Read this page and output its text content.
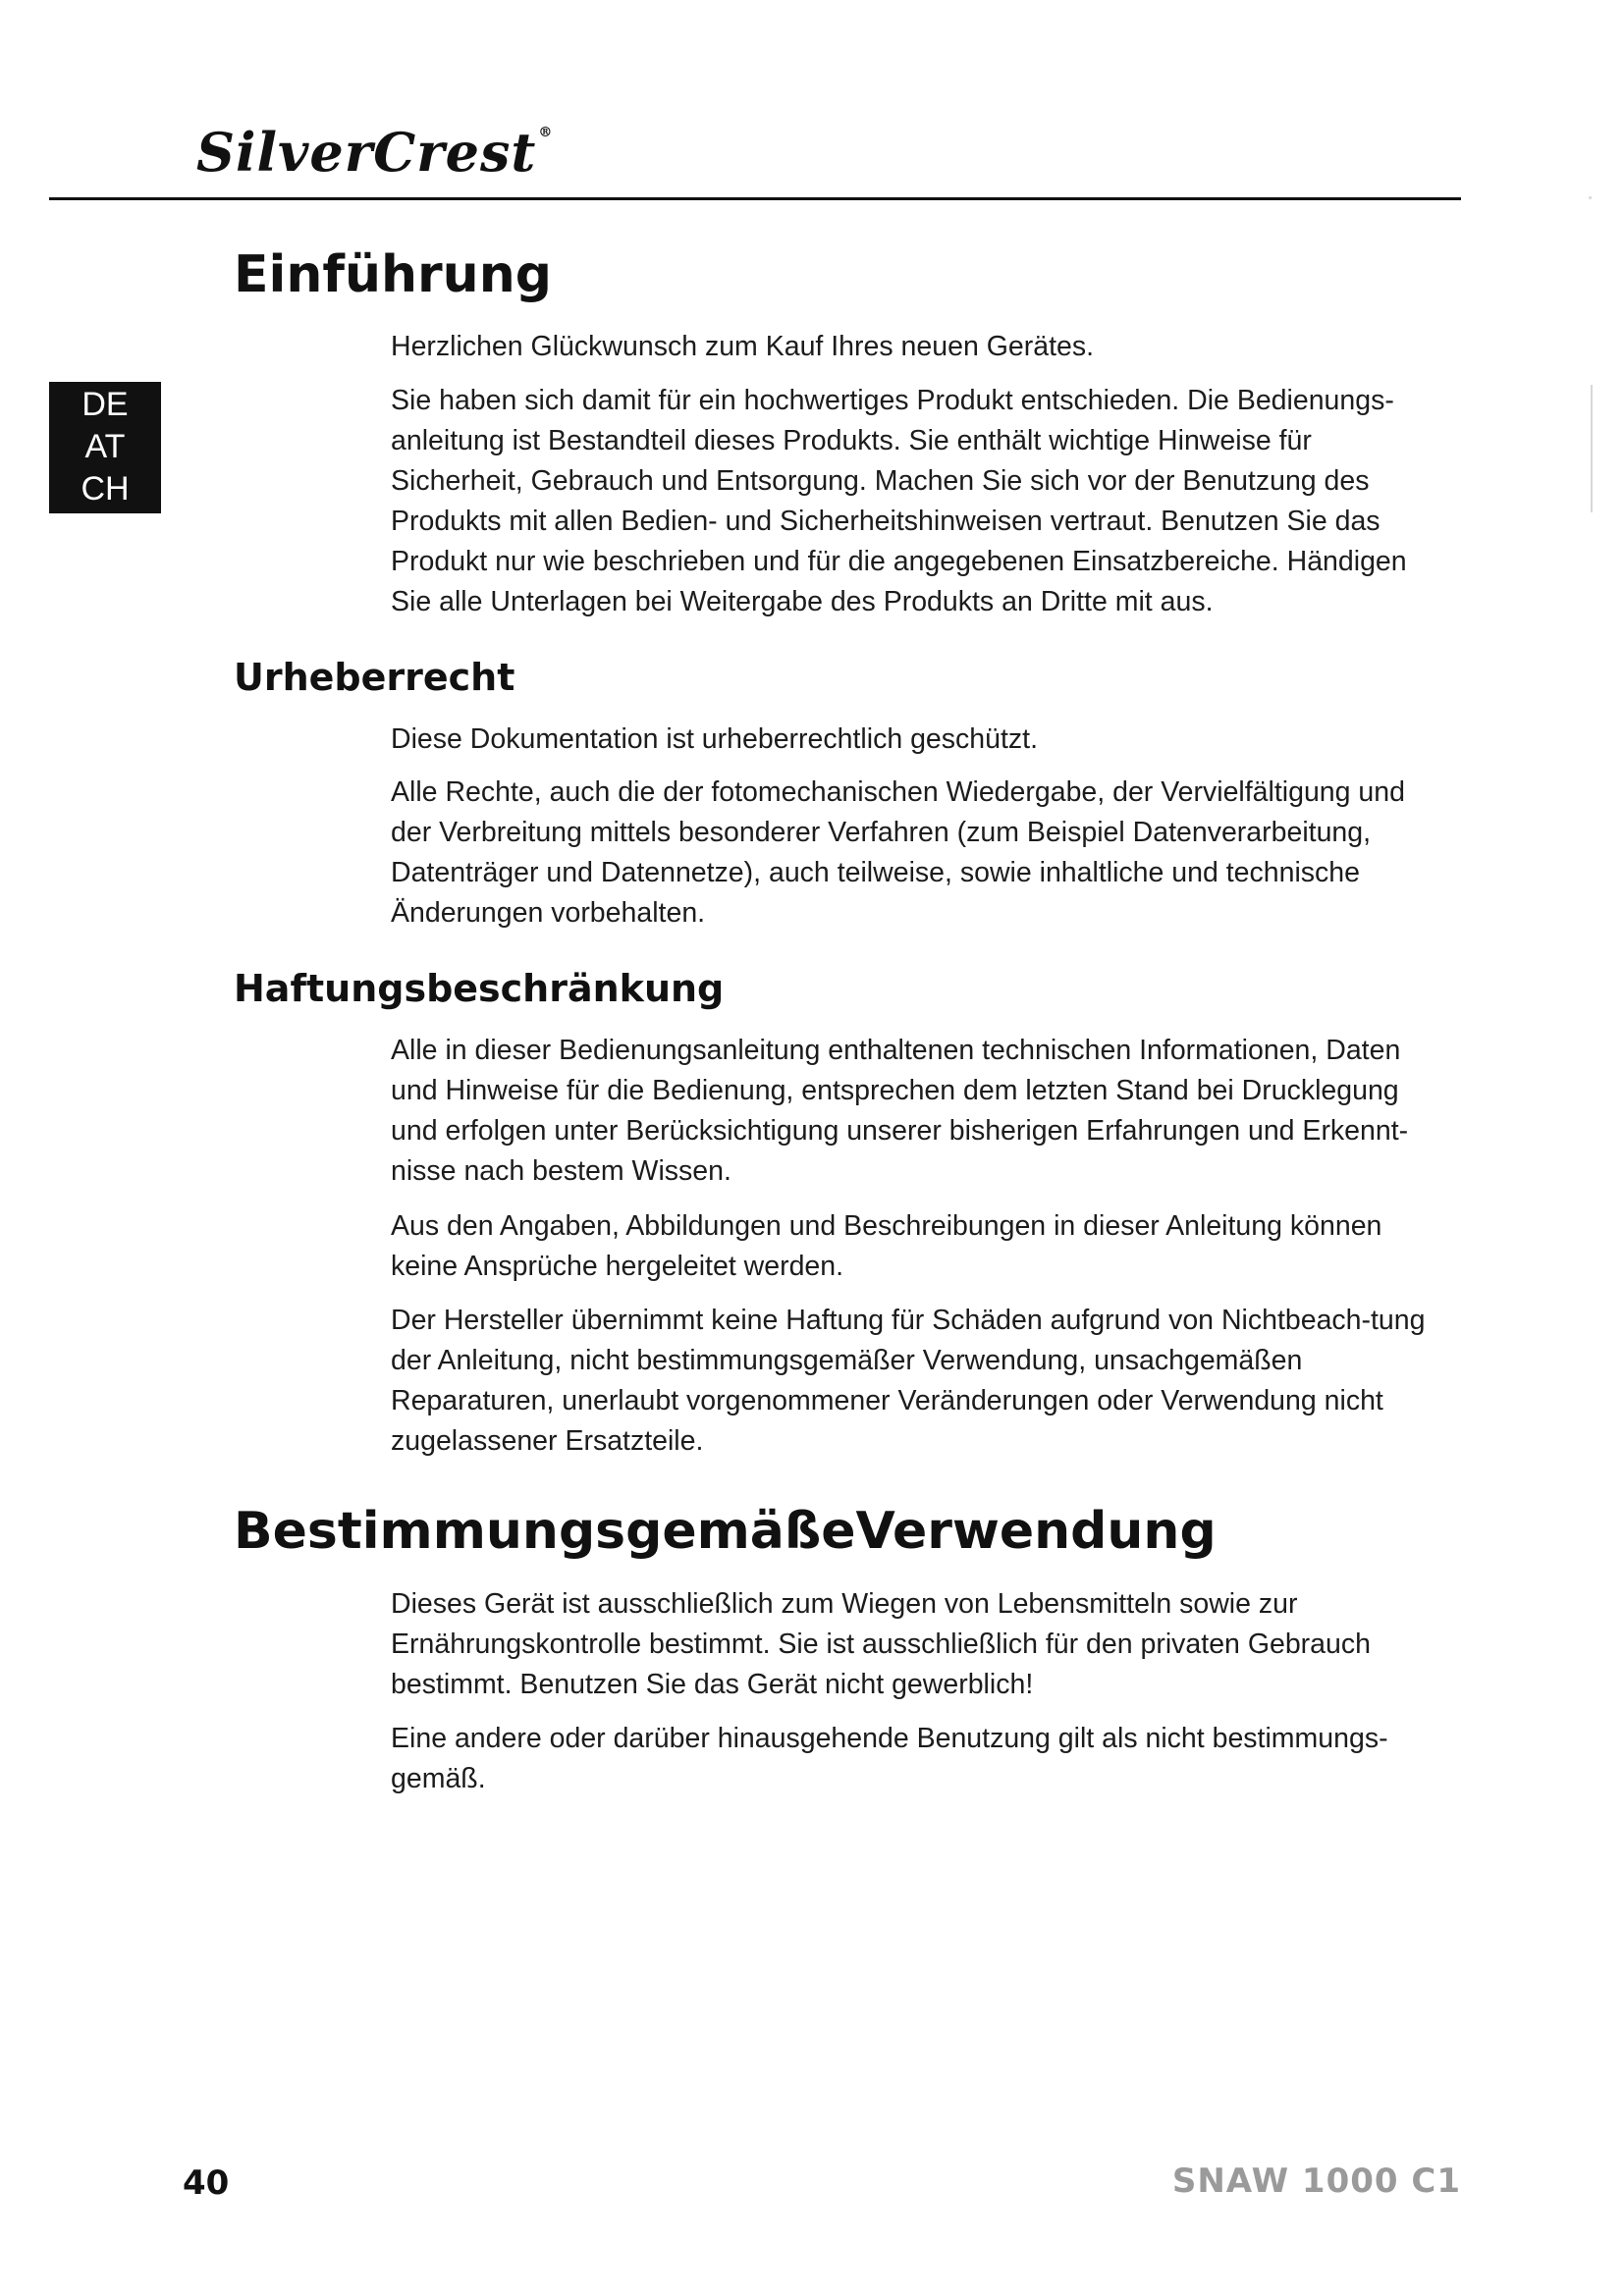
SilverCrest ®
DE
AT
CH
Einführung

Herzlichen Glückwunsch zum Kauf Ihres neuen Gerätes.

Sie haben sich damit für ein hochwertiges Produkt entschieden. Die Bedienungs-anleitung ist Bestandteil dieses Produkts. Sie enthält wichtige Hinweise für Sicherheit, Gebrauch und Entsorgung. Machen Sie sich vor der Benutzung des Produkts mit allen Bedien- und Sicherheitshinweisen vertraut. Benutzen Sie das Produkt nur wie beschrieben und für die angegebenen Einsatzbereiche. Händigen Sie alle Unterlagen bei Weitergabe des Produkts an Dritte mit aus.

Urheberrecht

Diese Dokumentation ist urheberrechtlich geschützt.

Alle Rechte, auch die der fotomechanischen Wiedergabe, der Vervielfältigung und der Verbreitung mittels besonderer Verfahren (zum Beispiel Datenverarbeitung, Datenträger und Datennetze), auch teilweise, sowie inhaltliche und technische Änderungen vorbehalten.

Haftungsbeschränkung

Alle in dieser Bedienungsanleitung enthaltenen technischen Informationen, Daten und Hinweise für die Bedienung, entsprechen dem letzten Stand bei Drucklegung und erfolgen unter Berücksichtigung unserer bisherigen Erfahrungen und Erkennt-nisse nach bestem Wissen.

Aus den Angaben, Abbildungen und Beschreibungen in dieser Anleitung können keine Ansprüche hergeleitet werden.

Der Hersteller übernimmt keine Haftung für Schäden aufgrund von Nichtbeach-tung der Anleitung, nicht bestimmungsgemäßer Verwendung, unsachgemäßen Reparaturen, unerlaubt vorgenommener Veränderungen oder Verwendung nicht zugelassener Ersatzteile.

BestimmungsgemäßeVerwendung

Dieses Gerät ist ausschließlich zum Wiegen von Lebensmitteln sowie zur Ernährungskontrolle bestimmt. Sie ist ausschließlich für den privaten Gebrauch bestimmt. Benutzen Sie das Gerät nicht gewerblich!

Eine andere oder darüber hinausgehende Benutzung gilt als nicht bestimmungs-gemäß.

40	SNAW 1000 C1
